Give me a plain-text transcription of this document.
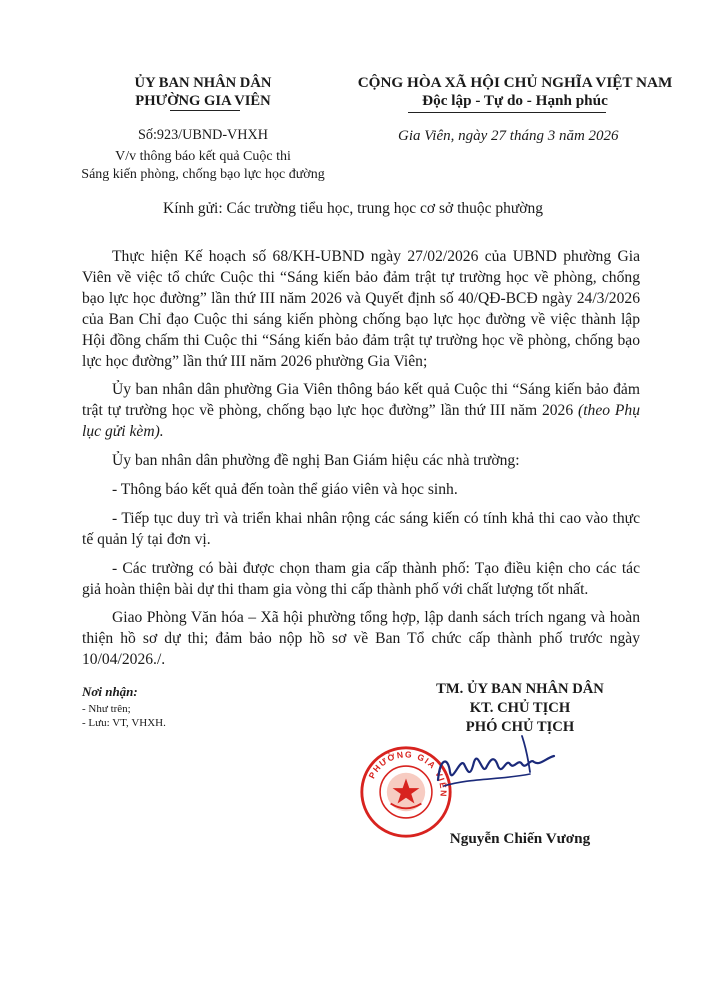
ỦY BAN NHÂN DÂN
PHƯỜNG GIA VIÊN
Số:923/UBND-VHXH
V/v thông báo kết quả Cuộc thi
Sáng kiến phòng, chống bạo lực học đường
CỘNG HÒA XÃ HỘI CHỦ NGHĨA VIỆT NAM
Độc lập - Tự do - Hạnh phúc
Gia Viên, ngày 27 tháng 3 năm 2026
Kính gửi: Các trường tiểu học, trung học cơ sở thuộc phường

Thực hiện Kế hoạch số 68/KH-UBND ngày 27/02/2026 của UBND phường Gia Viên về việc tổ chức Cuộc thi “Sáng kiến bảo đảm trật tự trường học về phòng, chống bạo lực học đường” lần thứ III năm 2026 và Quyết định số 40/QĐ-BCĐ ngày 24/3/2026 của Ban Chỉ đạo Cuộc thi sáng kiến phòng chống bạo lực học đường về việc thành lập Hội đồng chấm thi Cuộc thi “Sáng kiến bảo đảm trật tự trường học về phòng, chống bạo lực học đường” lần thứ III năm 2026 phường Gia Viên;

Ủy ban nhân dân phường Gia Viên thông báo kết quả Cuộc thi “Sáng kiến bảo đảm trật tự trường học về phòng, chống bạo lực học đường” lần thứ III năm 2026 (theo Phụ lục gửi kèm).

Ủy ban nhân dân phường đề nghị Ban Giám hiệu các nhà trường:

- Thông báo kết quả đến toàn thể giáo viên và học sinh.

- Tiếp tục duy trì và triển khai nhân rộng các sáng kiến có tính khả thi cao vào thực tế quản lý tại đơn vị.

- Các trường có bài được chọn tham gia cấp thành phố: Tạo điều kiện cho các tác giả hoàn thiện bài dự thi tham gia vòng thi cấp thành phố với chất lượng tốt nhất.

Giao Phòng Văn hóa – Xã hội phường tổng hợp, lập danh sách trích ngang và hoàn thiện hồ sơ dự thi; đảm bảo nộp hồ sơ về Ban Tổ chức cấp thành phố trước ngày 10/04/2026./.

Nơi nhận:
- Như trên;
- Lưu: VT, VHXH.
TM. ỦY BAN NHÂN DÂN
KT. CHỦ TỊCH
PHÓ CHỦ TỊCH
PHƯỜNG GIA VIÊN
Nguyễn Chiến Vương
